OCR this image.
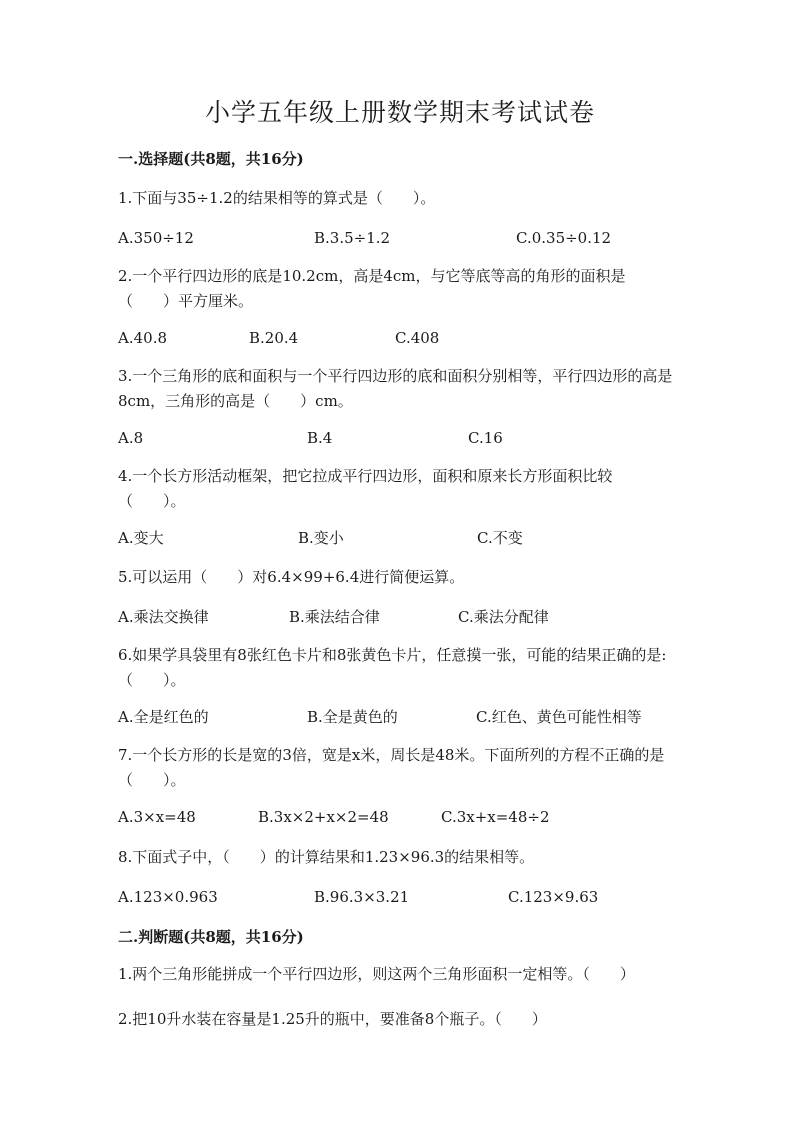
小学五年级上册数学期末考试试卷
一.选择题(共8题，共16分)
1.下面与35÷1.2的结果相等的算式是（　　）。
A.350÷12	B.3.5÷1.2	C.0.35÷0.12
2.一个平行四边形的底是10.2cm，高是4cm，与它等底等高的角形的面积是（　　）平方厘米。
A.40.8	B.20.4	C.408
3.一个三角形的底和面积与一个平行四边形的底和面积分别相等，平行四边形的高是8cm，三角形的高是（　　）cm。
A.8	B.4	C.16
4.一个长方形活动框架，把它拉成平行四边形，面积和原来长方形面积比较（　　）。
A.变大	B.变小	C.不变
5.可以运用（　　）对6.4×99+6.4进行简便运算。
A.乘法交换律	B.乘法结合律	C.乘法分配律
6.如果学具袋里有8张红色卡片和8张黄色卡片，任意摸一张，可能的结果正确的是:（　　）。
A.全是红色的	B.全是黄色的	C.红色、黄色可能性相等
7.一个长方形的长是宽的3倍，宽是x米，周长是48米。下面所列的方程不正确的是（　　）。
A.3×x=48	B.3x×2+x×2=48	C.3x+x=48÷2
8.下面式子中，（　　）的计算结果和1.23×96.3的结果相等。
A.123×0.963	B.96.3×3.21	C.123×9.63
二.判断题(共8题，共16分)
1.两个三角形能拼成一个平行四边形，则这两个三角形面积一定相等。（　　）
2.把10升水装在容量是1.25升的瓶中，要准备8个瓶子。（　　）
